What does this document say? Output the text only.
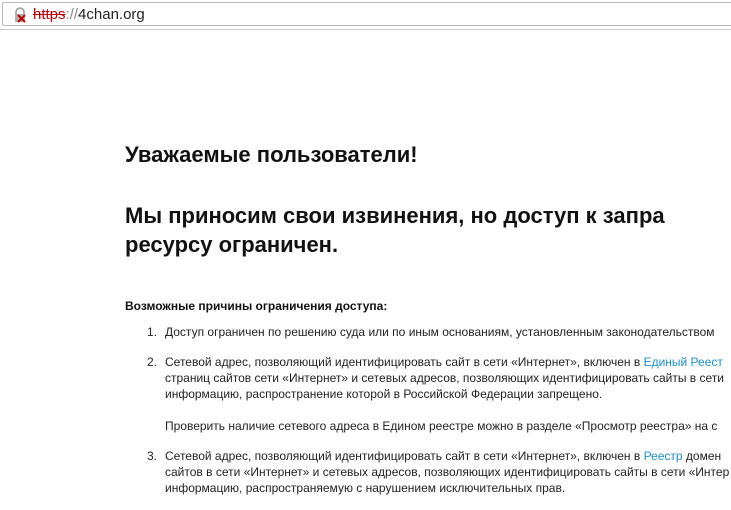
https://4chan.org
Уважаемые пользователи!
Мы приносим свои извинения, но доступ к запра
ресурсу ограничен.
Возможные причины ограничения доступа:
1. Доступ ограничен по решению суда или по иным основаниям, установленным законодательством

2. Сетевой адрес, позволяющий идентифицировать сайт в сети «Интернет», включен в Единый Реест
страниц сайтов сети «Интернет» и сетевых адресов, позволяющих идентифицировать сайты в сети
информацию, распространение которой в Российской Федерации запрещено.

Проверить наличие сетевого адреса в Едином реестре можно в разделе «Просмотр реестра» на с

3. Сетевой адрес, позволяющий идентифицировать сайт в сети «Интернет», включен в Реестр домен
сайтов в сети «Интернет» и сетевых адресов, позволяющих идентифицировать сайты в сети «Интер
информацию, распространяемую с нарушением исключительных прав.
